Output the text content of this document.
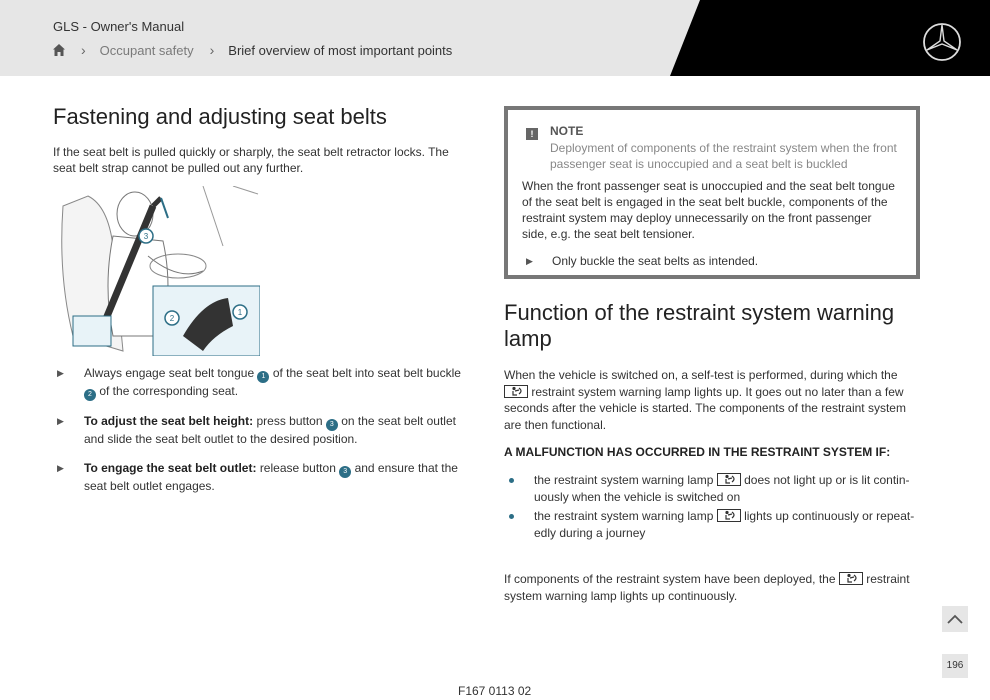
GLS - Owner's Manual
› Occupant safety › Brief overview of most important points
Fastening and adjusting seat belts

If the seat belt is pulled quickly or sharply, the seat belt retractor locks. The seat belt strap cannot be pulled out any further.

3
2
1
▶ Always engage seat belt tongue 1 of the seat belt into seat belt buckle 2 of the corresponding seat.
▶ To adjust the seat belt height: press button 3 on the seat belt outlet and slide the seat belt outlet to the desired position.
▶ To engage the seat belt outlet: release button 3 and ensure that the seat belt outlet engages.
!	NOTE
Deployment of components of the restraint system when the front passenger seat is unoccupied and a seat belt is buckled
When the front passenger seat is unoccupied and the seat belt tongue of the seat belt is engaged in the seat belt buckle, components of the restraint system may deploy unnecessarily on the front passenger side, e.g. the seat belt tensioner.
▶ Only buckle the seat belts as intended.
Function of the restraint system warning lamp

When the vehicle is switched on, a self-test is performed, during which the
restraint system warning lamp lights up. It goes out no later than a few seconds after the vehicle is started. The components of the restraint system are then functional.

A MALFUNCTION HAS OCCURRED IN THE RESTRAINT SYSTEM IF:
the restraint system warning lamp	does not light up or is lit contin- uously when the vehicle is switched on
the restraint system warning lamp	lights up continuously or repeat- edly during a journey

If components of the restraint system have been deployed, the	restraint system warning lamp lights up continuously.

F167 0113 02
196
